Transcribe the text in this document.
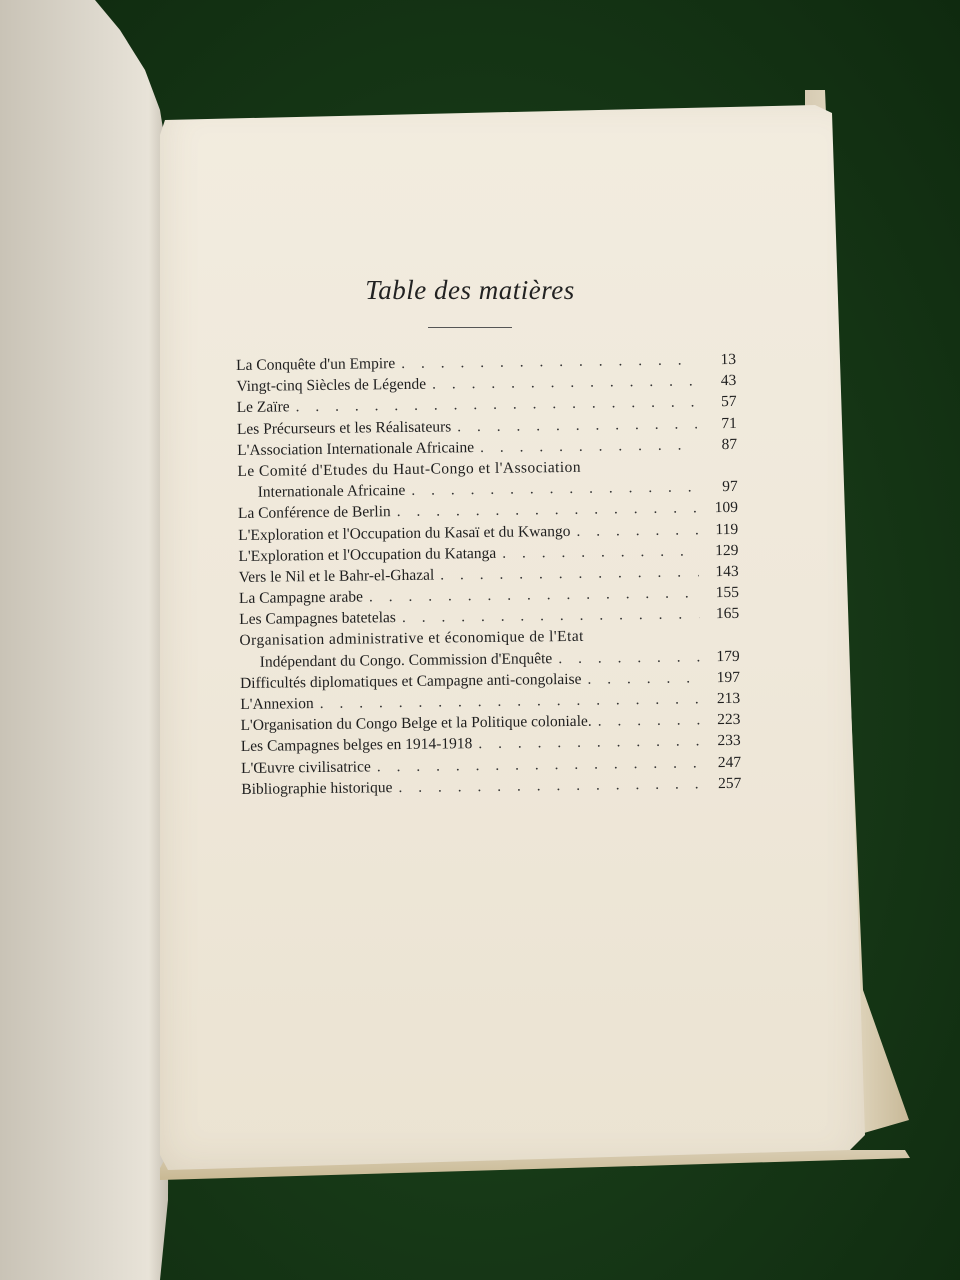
Table des matières
La Conquête d'un Empire . . .	13
Vingt-cinq Siècles de Légende . . .	43
Le Zaïre . . .	57
Les Précurseurs et les Réalisateurs . . .	71
L'Association Internationale Africaine . . .	87
Le Comité d'Etudes du Haut-Congo et l'Association
Internationale Africaine . . .	97
La Conférence de Berlin . . .	109
L'Exploration et l'Occupation du Kasaï et du Kwango . . .	119
L'Exploration et l'Occupation du Katanga . . .	129
Vers le Nil et le Bahr-el-Ghazal . . .	143
La Campagne arabe . . .	155
Les Campagnes batetelas . . .	165
Organisation administrative et économique de l'Etat
Indépendant du Congo. Commission d'Enquête . . .	179
Difficultés diplomatiques et Campagne anti-congolaise . . .	197
L'Annexion . . .	213
L'Organisation du Congo Belge et la Politique coloniale. . . .	223
Les Campagnes belges en 1914-1918 . . .	233
L'Œuvre civilisatrice . . .	247
Bibliographie historique . . .	257
